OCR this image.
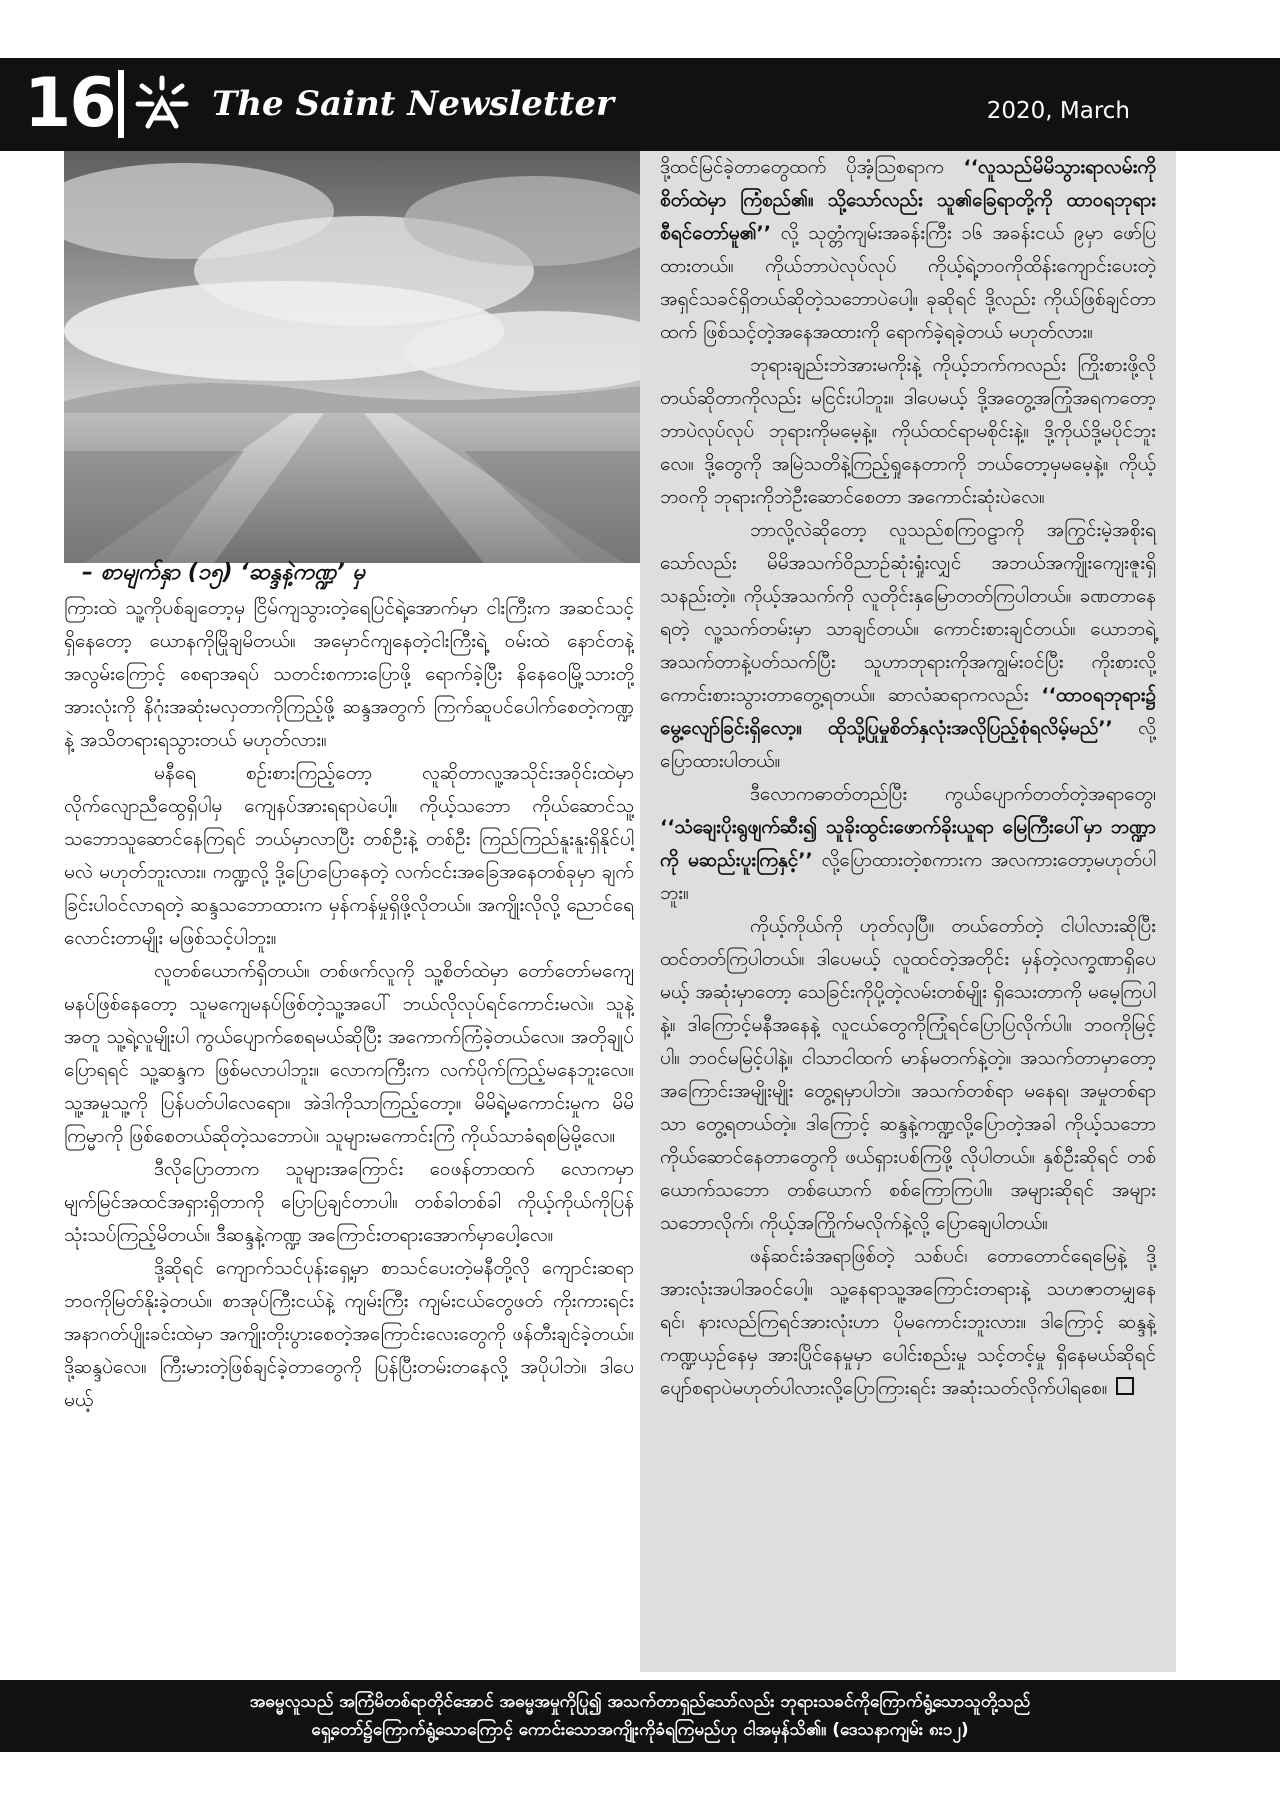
16	The Saint Newsletter	2020, March
– စာမျက်နှာ (၁၅) ‘ဆန္ဒနဲ့ကဏ္ဍ’ မှ

ကြားထဲ သူ့ကိုပစ်ချတော့မှ ငြိမ်ကျသွားတဲ့ရေပြင်ရဲ့အောက်မှာ ငါးကြီးက အဆင်သင့်ရှိနေတော့ ယောနကိုမြိုချမိတယ်။ အမှောင်ကျနေတဲ့ငါးကြီးရဲ့ ဝမ်းထဲ နောင်တနဲ့အလွမ်းကြောင့် စေရာအရပ် သတင်းစကားပြောဖို့ ရောက်ခဲ့ပြီး နိနေဝေမြို့သားတို့အားလုံးကို နိဂုံးအဆုံးမလှတာကိုကြည့်ဖို့ ဆန္ဒအတွက် ကြက်ဆူပင်ပေါက်စေတဲ့ကဏ္ဍနဲ့ အသိတရားရသွားတယ် မဟုတ်လား။

မနီရေ စဉ်းစားကြည့်တော့ လူဆိုတာလူ့အသိုင်းအဝိုင်းထဲမှာ လိုက်လျောညီထွေရှိပါမှ ကျေနပ်အားရရာပဲပေါ့။ ကိုယ့်သဘော ကိုယ်ဆောင်သူ့သဘောသူဆောင်နေကြရင် ဘယ်မှာလာပြီး တစ်ဦးနဲ့ တစ်ဦး ကြည်ကြည်နူးနူးရှိနိုင်ပါ့မလဲ မဟုတ်ဘူးလား။ ကဏ္ဍလို့ ဒို့ပြောပြောနေတဲ့ လက်ငင်းအခြေအနေတစ်ခုမှာ ချက်ခြင်းပါဝင်လာရတဲ့ ဆန္ဒသဘောထားက မှန်ကန်မှုရှိဖို့လိုတယ်။ အကျိုးလိုလို့ ညောင်ရေလောင်းတာမျိုး မဖြစ်သင့်ပါဘူး။

လူတစ်ယောက်ရှိတယ်။ တစ်ဖက်လူကို သူ့စိတ်ထဲမှာ တော်တော်မကျေမနပ်ဖြစ်နေတော့ သူမကျေမနပ်ဖြစ်တဲ့သူ့အပေါ် ဘယ်လိုလုပ်ရင်ကောင်းမလဲ။ သူနဲ့အတူ သူ့ရဲ့လူမျိုးပါ ကွယ်ပျောက်စေရမယ်ဆိုပြီး အကောက်ကြံခဲ့တယ်လေ။ အတိုချုပ်ပြောရရင် သူ့ဆန္ဒက ဖြစ်မလာပါဘူး။ လောကကြီးက လက်ပိုက်ကြည့်မနေဘူးလေ။ သူ့အမှုသူ့ကို ပြန်ပတ်ပါလေရော။ အဲဒါကိုသာကြည့်တော့။ မိမိရဲ့မကောင်းမှုက မိမိကြမ္မာကို ဖြစ်စေတယ်ဆိုတဲ့သဘောပဲ။ သူများမကောင်းကြံ ကိုယ်သာခံရစမြဲမို့လေ။

ဒီလိုပြောတာက သူများအကြောင်း ဝေဖန်တာထက် လောကမှာ မျက်မြင်အထင်အရှားရှိတာကို ပြောပြချင်တာပါ။ တစ်ခါတစ်ခါ ကိုယ့်ကိုယ်ကိုပြန်သုံးသပ်ကြည့်မိတယ်။ ဒီဆန္ဒနဲ့ကဏ္ဍ အကြောင်းတရားအောက်မှာပေါ့လေ။

ဒို့ဆိုရင် ကျောက်သင်ပုန်းရှေ့မှာ စာသင်ပေးတဲ့မနီတို့လို ကျောင်းဆရာဘဝကိုမြတ်နိုးခဲ့တယ်။ စာအုပ်ကြီးငယ်နဲ့ ကျမ်းကြီး ကျမ်းငယ်တွေဖတ် ကိုးကားရင်း အနာဂတ်ပျိုးခင်းထဲမှာ အကျိုးတိုးပွားစေတဲ့အကြောင်းလေးတွေကို ဖန်တီးချင်ခဲ့တယ်။ ဒို့ဆန္ဒပဲလေ။ ကြီးမားတဲ့ဖြစ်ချင်ခဲ့တာတွေကို ပြန်ပြီးတမ်းတနေလို့ အပိုပါဘဲ။ ဒါပေမယ့်

ဒို့ထင်မြင်ခဲ့တာတွေထက် ပိုအံ့သြစရာက ‘‘လူသည်မိမိသွားရာလမ်းကို စိတ်ထဲမှာ ကြံစည်၏။ သို့သော်လည်း သူ၏ခြေရာတို့ကို ထာဝရဘုရား စီရင်တော်မူ၏’’ လို့ သုတ္တံကျမ်းအခန်းကြီး ၁၆ အခန်းငယ် ၉မှာ ဖော်ပြထားတယ်။ ကိုယ်ဘာပဲလုပ်လုပ် ကိုယ့်ရဲ့ဘဝကိုထိန်းကျောင်းပေးတဲ့ အရှင်သခင်ရှိတယ်ဆိုတဲ့သဘောပဲပေါ့။ ခုဆိုရင် ဒို့လည်း ကိုယ်ဖြစ်ချင်တာထက် ဖြစ်သင့်တဲ့အနေအထားကို ရောက်ခဲ့ရခဲ့တယ် မဟုတ်လား။

ဘုရားချည်းဘဲအားမကိုးနဲ့ ကိုယ့်ဘက်ကလည်း ကြိုးစားဖို့လိုတယ်ဆိုတာကိုလည်း မငြင်းပါဘူး။ ဒါပေမယ့် ဒို့အတွေ့အကြုံအရကတော့ ဘာပဲလုပ်လုပ် ဘုရားကိုမမေ့နဲ့။ ကိုယ်ထင်ရာမစိုင်းနဲ့။ ဒို့ကိုယ်ဒို့မပိုင်ဘူးလေ။ ဒို့တွေကို အမြဲသတိနဲ့ကြည့်ရှုနေတာကို ဘယ်တော့မှမမေ့နဲ့။ ကိုယ့်ဘဝကို ဘုရားကိုဘဲဦးဆောင်စေတာ အကောင်းဆုံးပဲလေ။

ဘာလို့လဲဆိုတော့ လူသည်စကြဝဠာကို အကြွင်းမဲ့အစိုးရ သော်လည်း မိမိအသက်ဝိညာဉ်ဆုံးရှုံးလျှင် အဘယ်အကျိုးကျေးဇူးရှိသနည်းတဲ့။ ကိုယ့်အသက်ကို လူတိုင်းနှမြောတတ်ကြပါတယ်။ ခဏတာနေရတဲ့ လူ့သက်တမ်းမှာ သာချင်တယ်။ ကောင်းစားချင်တယ်။ ယောဘရဲ့အသက်တာနဲ့ပတ်သက်ပြီး သူဟာဘုရားကိုအကျွမ်းဝင်ပြီး ကိုးစားလို့ကောင်းစားသွားတာတွေ့ရတယ်။ ဆာလံဆရာကလည်း ‘‘ထာဝရဘုရား၌ မွေ့လျော်ခြင်းရှိလော့။ ထိုသို့ပြုမှုစိတ်နှလုံးအလိုပြည့်စုံရလိမ့်မည်’’ လို့ ပြောထားပါတယ်။

ဒီလောကဓာတ်တည်ပြီး ကွယ်ပျောက်တတ်တဲ့အရာတွေ၊ ‘‘သံချေးပိုးရွဖျက်ဆီး၍ သူခိုးထွင်းဖောက်ခိုးယူရာ မြေကြီးပေါ်မှာ ဘဏ္ဍာကို မဆည်းပူးကြနှင့်’’ လို့ပြောထားတဲ့စကားက အလကားတော့မဟုတ်ပါဘူး။

ကိုယ့်ကိုယ်ကို ဟုတ်လှပြီ။ တယ်တော်တဲ့ ငါပါလားဆိုပြီး ထင်တတ်ကြပါတယ်။ ဒါပေမယ့် လူထင်တဲ့အတိုင်း မှန်တဲ့လက္ခဏာရှိပေမယ့် အဆုံးမှာတော့ သေခြင်းကိုပို့တဲ့လမ်းတစ်မျိုး ရှိသေးတာကို မမေ့ကြပါနဲ့။ ဒါကြောင့်မနီအနေနဲ့ လူငယ်တွေကိုကြုံရင်ပြောပြလိုက်ပါ။ ဘဝကိုမြင့်ပါ။ ဘဝင်မမြင့်ပါနဲ့။ ငါသာငါထက် မာန်မတက်နဲ့တဲ့။ အသက်တာမှာတော့ အကြောင်းအမျိုးမျိုး တွေ့ရမှာပါဘဲ။ အသက်တစ်ရာ မနေရ၊ အမှုတစ်ရာသာ တွေ့ရတယ်တဲ့။ ဒါကြောင့် ဆန္ဒနဲ့ကဏ္ဍလို့ပြောတဲ့အခါ ကိုယ့်သဘောကိုယ်ဆောင်နေတာတွေကို ဖယ်ရှားပစ်ကြဖို့ လိုပါတယ်။ နှစ်ဦးဆိုရင် တစ်ယောက်သဘော တစ်ယောက် စစ်ကြောကြပါ။ အများဆိုရင် အများသဘောလိုက်၊ ကိုယ့်အကြိုက်မလိုက်နဲ့လို့ ပြောချေပါတယ်။

ဖန်ဆင်းခံအရာဖြစ်တဲ့ သစ်ပင်၊ တောတောင်ရေမြေနဲ့ ဒို့အားလုံးအပါအဝင်ပေါ့။ သူ့နေရာသူ့အကြောင်းတရားနဲ့ သဟဇာတမျှနေရင်၊ နားလည်ကြရင်အားလုံးဟာ ပိုမကောင်းဘူးလား။ ဒါကြောင့် ဆန္ဒနဲ့ကဏ္ဍယှဉ်နေမှ အားပြိုင်နေမှုမှာ ပေါင်းစည်းမှု သင့်တင့်မှု ရှိနေမယ်ဆိုရင် ပျော်စရာပဲမဟုတ်ပါလားလို့ပြောကြားရင်း အဆုံးသတ်လိုက်ပါရစေ။

အဓမ္မလူသည် အကြံမိတစ်ရာတိုင်အောင် အဓမ္မအမှုကိုပြု၍ အသက်တာရှည်သော်လည်း ဘုရားသခင်ကိုကြောက်ရွံ့သောသူတို့သည်
ရှေ့တော်၌ကြောက်ရွံ့သောကြောင့် ကောင်းသောအကျိုးကိုခံရကြမည်ဟု ငါအမှန်သိ၏။ (ဒေသနာကျမ်း ၈း၁၂)
